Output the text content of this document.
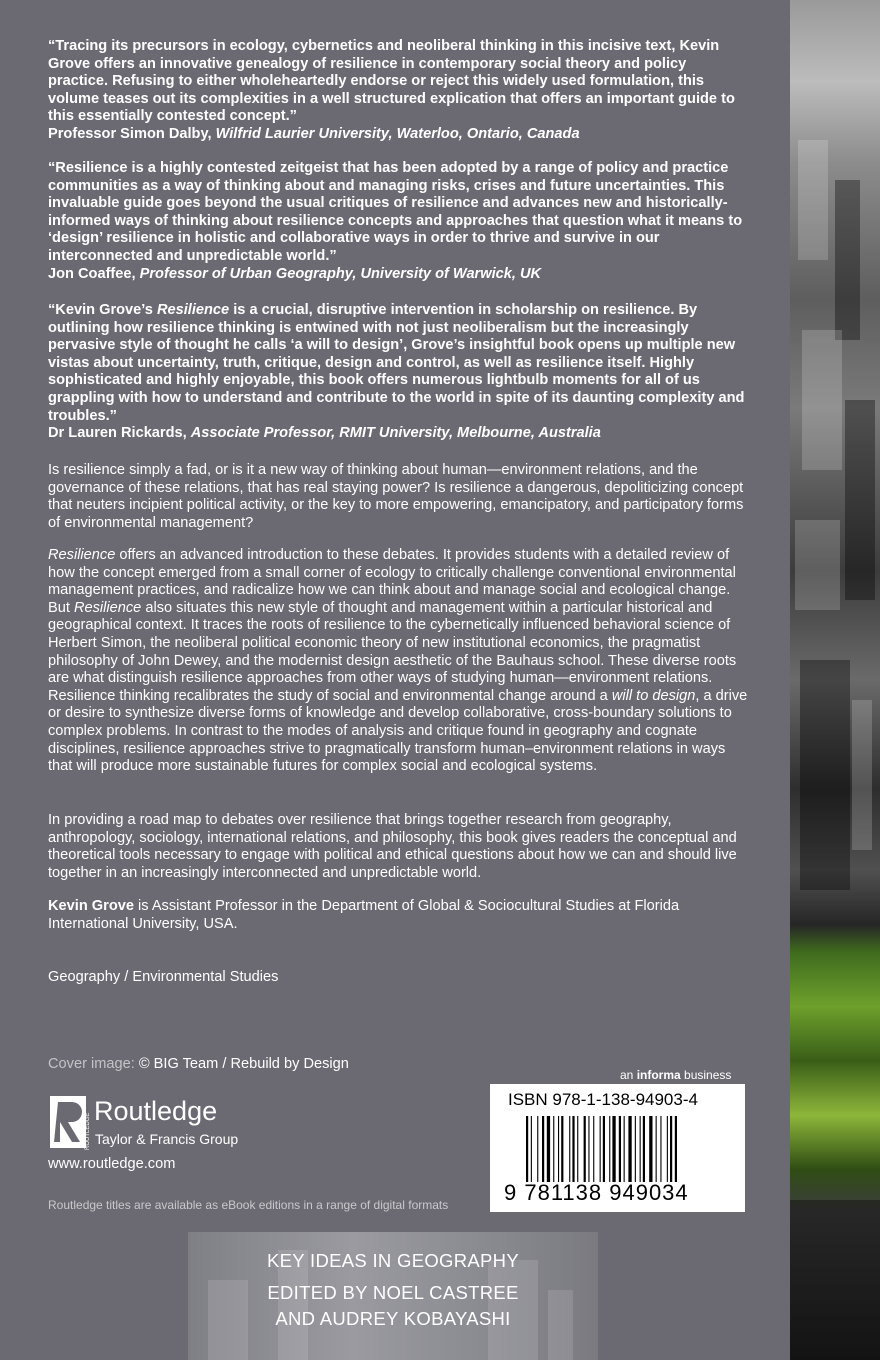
“Tracing its precursors in ecology, cybernetics and neoliberal thinking in this incisive text, Kevin Grove offers an innovative genealogy of resilience in contemporary social theory and policy practice. Refusing to either wholeheartedly endorse or reject this widely used formulation, this volume teases out its complexities in a well structured explication that offers an important guide to this essentially contested concept.”

Professor Simon Dalby, Wilfrid Laurier University, Waterloo, Ontario, Canada

“Resilience is a highly contested zeitgeist that has been adopted by a range of policy and practice communities as a way of thinking about and managing risks, crises and future uncertainties. This invaluable guide goes beyond the usual critiques of resilience and advances new and historically-informed ways of thinking about resilience concepts and approaches that question what it means to ‘design’ resilience in holistic and collaborative ways in order to thrive and survive in our interconnected and unpredictable world.”

Jon Coaffee, Professor of Urban Geography, University of Warwick, UK

“Kevin Grove’s Resilience is a crucial, disruptive intervention in scholarship on resilience. By outlining how resilience thinking is entwined with not just neoliberalism but the increasingly pervasive style of thought he calls ‘a will to design’, Grove’s insightful book opens up multiple new vistas about uncertainty, truth, critique, design and control, as well as resilience itself. Highly sophisticated and highly enjoyable, this book offers numerous lightbulb moments for all of us grappling with how to understand and contribute to the world in spite of its daunting complexity and troubles.”

Dr Lauren Rickards, Associate Professor, RMIT University, Melbourne, Australia

Is resilience simply a fad, or is it a new way of thinking about human—environment relations, and the governance of these relations, that has real staying power? Is resilience a dangerous, depoliticizing concept that neuters incipient political activity, or the key to more empowering, emancipatory, and participatory forms of environmental management?

Resilience offers an advanced introduction to these debates. It provides students with a detailed review of how the concept emerged from a small corner of ecology to critically challenge conventional environmental management practices, and radicalize how we can think about and manage social and ecological change. But Resilience also situates this new style of thought and management within a particular historical and geographical context. It traces the roots of resilience to the cybernetically influenced behavioral science of Herbert Simon, the neoliberal political economic theory of new institutional economics, the pragmatist philosophy of John Dewey, and the modernist design aesthetic of the Bauhaus school. These diverse roots are what distinguish resilience approaches from other ways of studying human—environment relations. Resilience thinking recalibrates the study of social and environmental change around a will to design, a drive or desire to synthesize diverse forms of knowledge and develop collaborative, cross-boundary solutions to complex problems. In contrast to the modes of analysis and critique found in geography and cognate disciplines, resilience approaches strive to pragmatically transform human–environment relations in ways that will produce more sustainable futures for complex social and ecological systems.

In providing a road map to debates over resilience that brings together research from geography, anthropology, sociology, international relations, and philosophy, this book gives readers the conceptual and theoretical tools necessary to engage with political and ethical questions about how we can and should live together in an increasingly interconnected and unpredictable world.

Kevin Grove is Assistant Professor in the Department of Global & Sociocultural Studies at Florida International University, USA.

Geography / Environmental Studies
Cover image: © BIG Team / Rebuild by Design
an informa business
ISBN 978-1-138-94903-4
9 781138 949034
ROUTLEDGE
Routledge
Taylor & Francis Group
www.routledge.com
Routledge titles are available as eBook editions in a range of digital formats
KEY IDEAS IN GEOGRAPHY
EDITED BY NOEL CASTREE
AND AUDREY KOBAYASHI
